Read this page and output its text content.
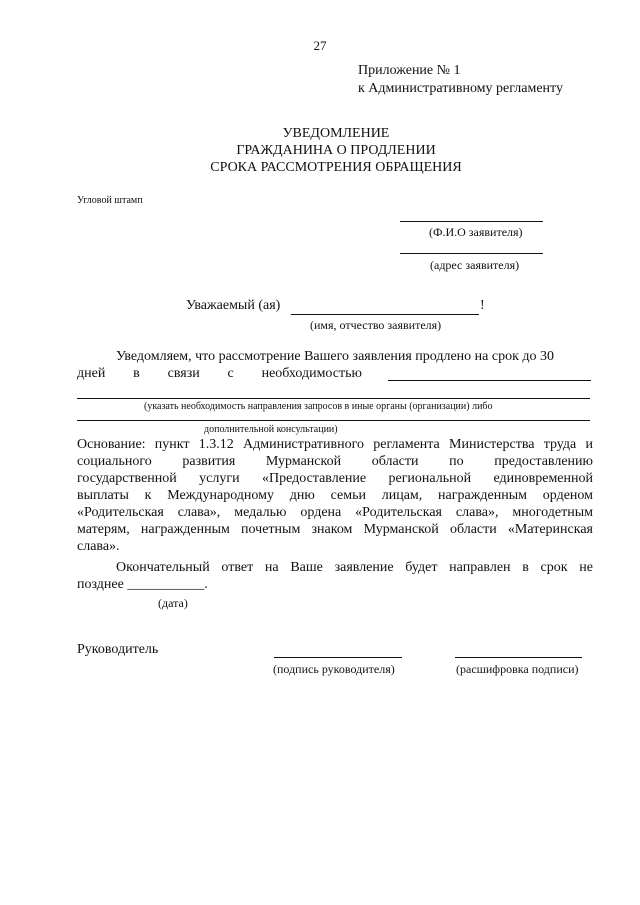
27
Приложение № 1
к Административному регламенту
УВЕДОМЛЕНИЕ
ГРАЖДАНИНА О ПРОДЛЕНИИ
СРОКА РАССМОТРЕНИЯ ОБРАЩЕНИЯ
Угловой штамп
(Ф.И.О заявителя)
(адрес заявителя)
Уважаемый (ая)	!
(имя, отчество заявителя)
Уведомляем, что рассмотрение Вашего заявления продлено на срок до 30
дней в связи с необходимостью
(указать необходимость направления запросов в иные органы (организации) либо
дополнительной консультации)
Основание: пункт 1.3.12 Административного регламента Министерства труда и
социального развития Мурманской области по предоставлению
государственной услуги «Предоставление региональной единовременной
выплаты к Международному дню семьи лицам, награжденным орденом
«Родительская слава», медалью ордена «Родительская слава», многодетным
матерям, награжденным почетным знаком Мурманской области «Материнская
слава».
Окончательный ответ на Ваше заявление будет направлен в срок не
позднее ___________.
(дата)
Руководитель
(подпись руководителя)	(расшифровка подписи)
